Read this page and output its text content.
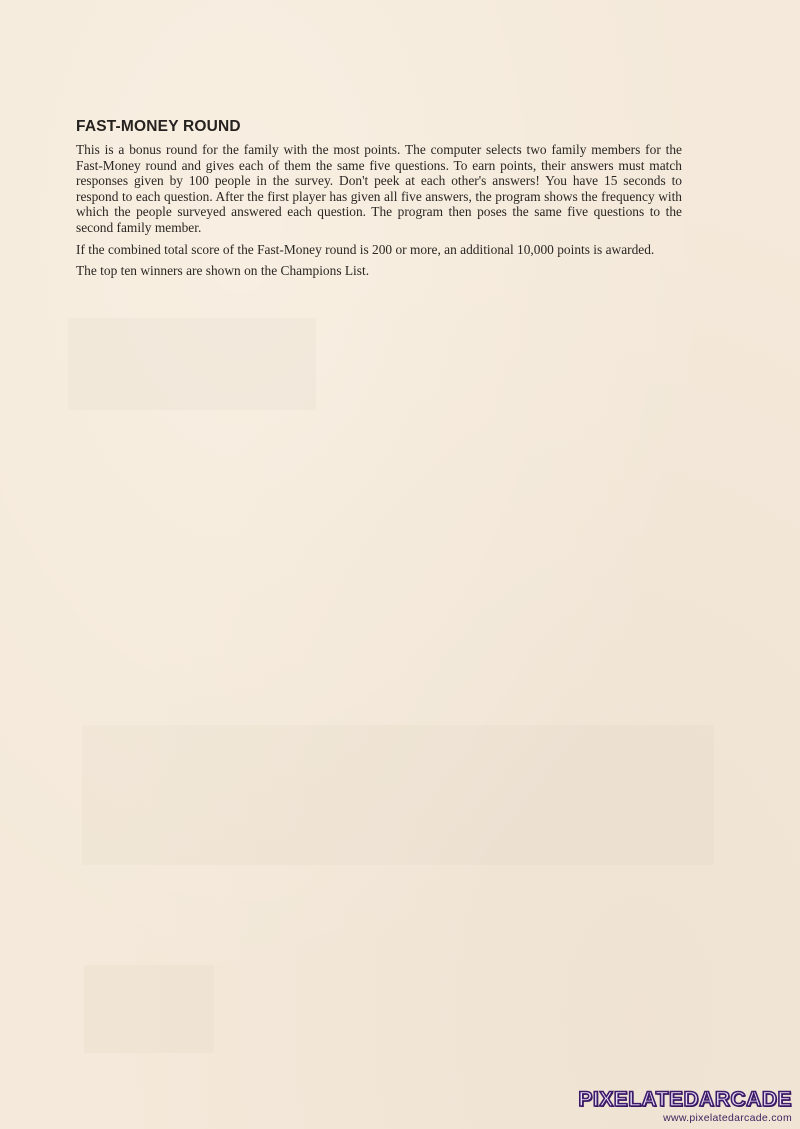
FAST-MONEY ROUND

This is a bonus round for the family with the most points. The computer selects two family members for the Fast-Money round and gives each of them the same five questions. To earn points, their answers must match responses given by 100 people in the survey. Don't peek at each other's answers! You have 15 seconds to respond to each question. After the first player has given all five answers, the program shows the frequency with which the people surveyed answered each question. The program then poses the same five questions to the second family member.

If the combined total score of the Fast-Money round is 200 or more, an additional 10,000 points is awarded.

The top ten winners are shown on the Champions List.

PIXELATEDARCADE
www.pixelatedarcade.com
